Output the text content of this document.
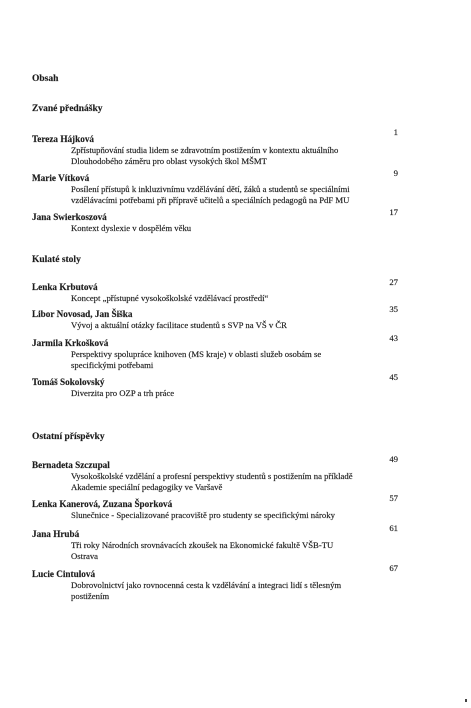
Obsah
Zvané přednášky
1
Tereza Hájková
Zpřístupňování studia lidem se zdravotním postižením v kontextu aktuálního
Dlouhodobého záměru pro oblast vysokých škol MŠMT
9
Marie Vítková
Posílení přístupů k inkluzivnímu vzdělávání dětí, žáků a studentů se speciálními
vzdělávacími potřebami při přípravě učitelů a speciálních pedagogů na PdF MU
17
Jana Swierkoszová
Kontext dyslexie v dospělém věku
Kulaté stoly
27
Lenka Krbutová
Koncept „přístupné vysokoškolské vzdělávací prostředí“
35
Libor Novosad, Jan Šiška
Vývoj a aktuální otázky facilitace studentů s SVP na VŠ v ČR
43
Jarmila Krkošková
Perspektivy spolupráce knihoven (MS kraje) v oblasti služeb osobám se
specifickými potřebami
45
Tomáš Sokolovský
Diverzita pro OZP a trh práce
Ostatní příspěvky
49
Bernadeta Szczupal
Vysokoškolské vzdělání a profesní perspektivy studentů s postižením na příkladě
Akademie speciální pedagogiky ve Varšavě
57
Lenka Kanerová, Zuzana Šporková
Slunečnice - Specializované pracoviště pro studenty se specifickými nároky
61
Jana Hrubá
Tři roky Národních srovnávacích zkoušek na Ekonomické fakultě VŠB-TU
Ostrava
67
Lucie Cintulová
Dobrovolnictví jako rovnocenná cesta k vzdělávání a integraci lidí s tělesným
postižením
